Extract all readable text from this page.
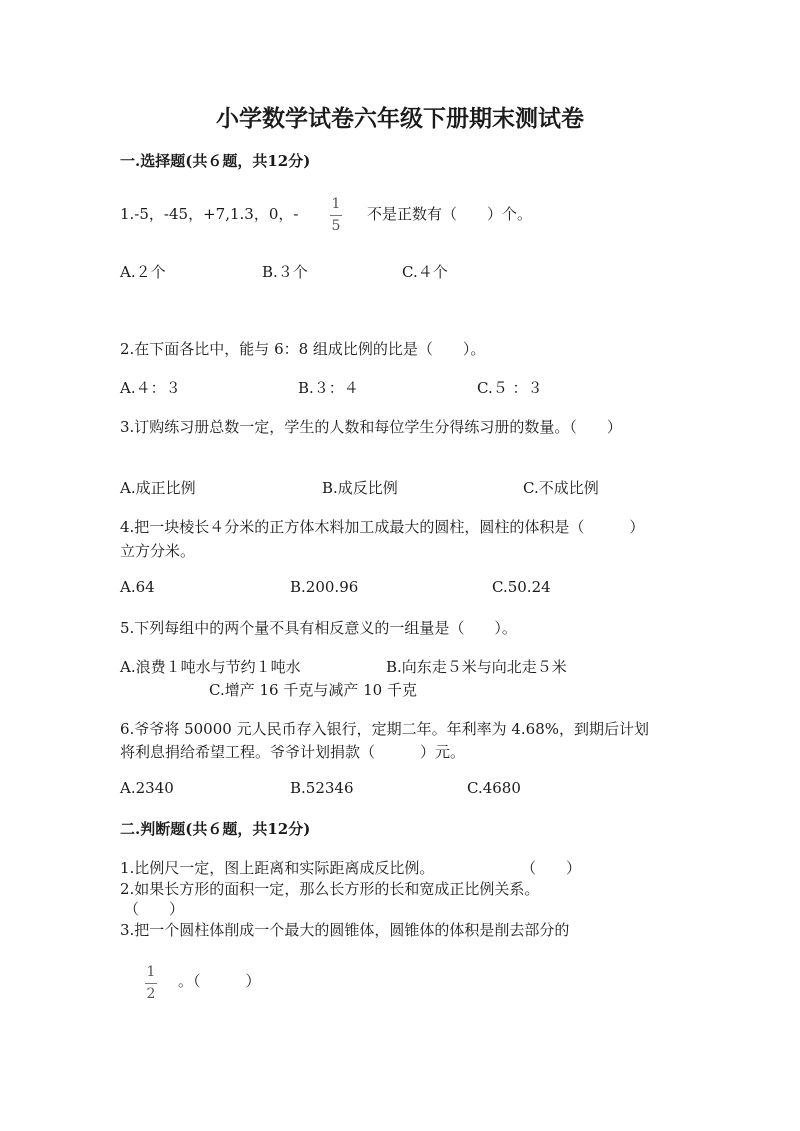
小学数学试卷六年级下册期末测试卷
一.选择题(共６题，共12分)
1.-5，-45，+7,1.3，0，-
1
5
不是正数有（　　）个。
A.２个	B.３个	C.４个
2.在下面各比中，能与 6：8 组成比例的比是（　　）。
A.４：３	B.３：４	C.５ ：３
3.订购练习册总数一定，学生的人数和每位学生分得练习册的数量。（　　）
A.成正比例	B.成反比例	C.不成比例
4.把一块棱长４分米的正方体木料加工成最大的圆柱，圆柱的体积是（　　　）
立方分米。
A.64	B.200.96	C.50.24
5.下列每组中的两个量不具有相反意义的一组量是（　　）。
A.浪费１吨水与节约１吨水	B.向东走５米与向北走５米
C.增产 16 千克与减产 10 千克
6.爷爷将 50000 元人民币存入银行，定期二年。年利率为 4.68%，到期后计划
将利息捐给希望工程。爷爷计划捐款（　　　）元。
A.2340	B.52346	C.4680
二.判断题(共６题，共12分)
1.比例尺一定，图上距离和实际距离成反比例。	（　　）
2.如果长方形的面积一定，那么长方形的长和宽成正比例关系。
（　　）
3.把一个圆柱体削成一个最大的圆锥体，圆锥体的体积是削去部分的
1
2
。（　　　）
